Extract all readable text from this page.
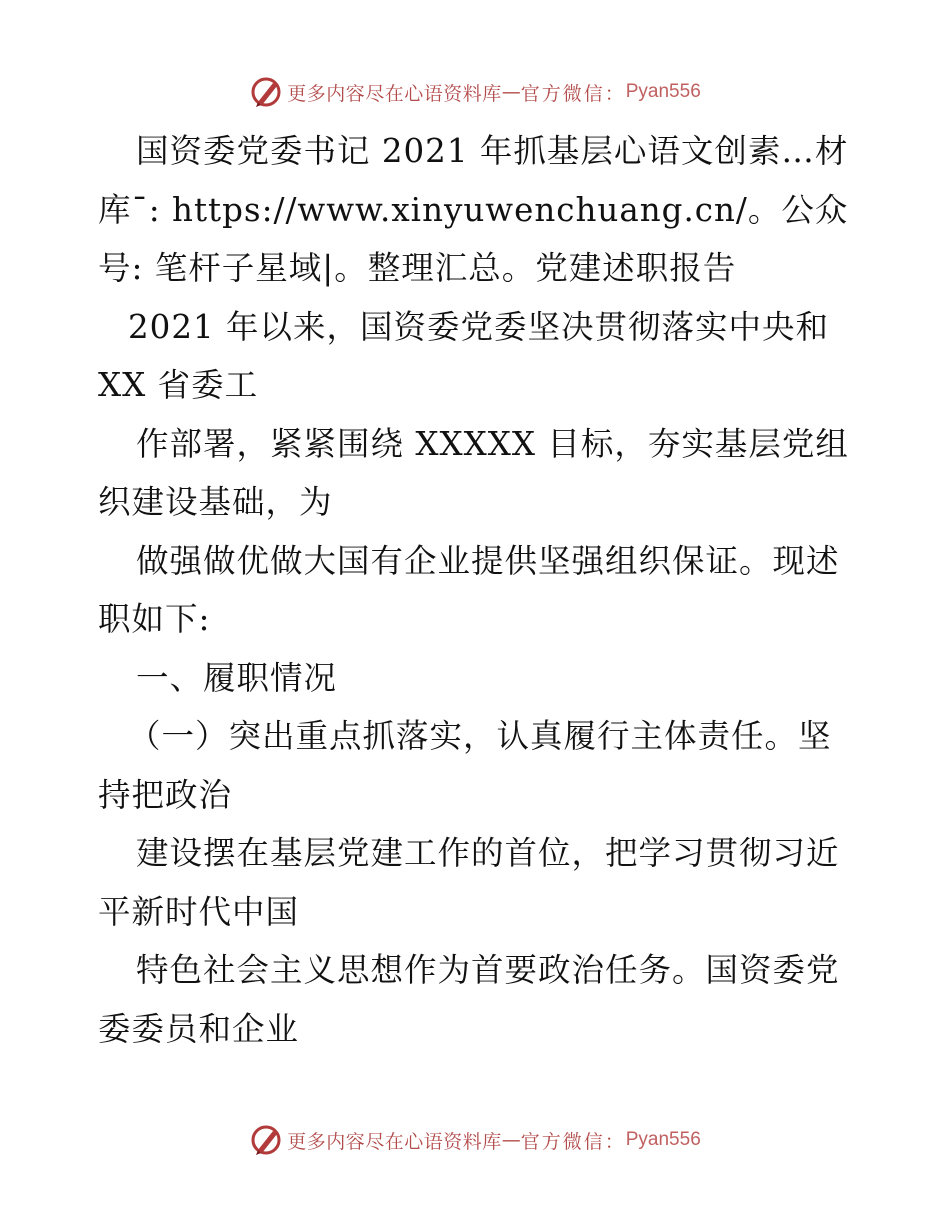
更多内容尽在心语资料库 — 官方微信： Pyan556
国资委党委书记 2021 年抓基层心语文创素…材
库¯: https://www.xinyuwenchuang.cn/。公众
号: 笔杆子星域|。整理汇总。党建述职报告
2021 年以来，国资委党委坚决贯彻落实中央和
XX 省委工
作部署，紧紧围绕 XXXXX 目标，夯实基层党组
织建设基础，为
做强做优做大国有企业提供坚强组织保证。现述
职如下:
一、履职情况
（一）突出重点抓落实，认真履行主体责任。坚
持把政治
建设摆在基层党建工作的首位，把学习贯彻习近
平新时代中国
特色社会主义思想作为首要政治任务。国资委党
委委员和企业
更多内容尽在心语资料库 — 官方微信： Pyan556
